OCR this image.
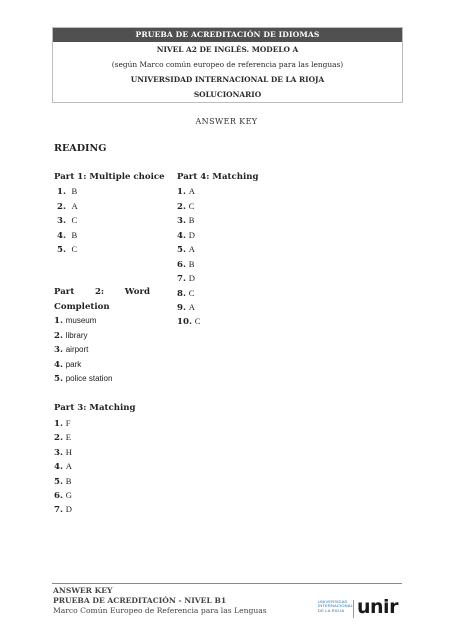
PRUEBA DE ACREDITACIÓN DE IDIOMAS
NIVEL A2 DE INGLÉS. MODELO A
(según Marco común europeo de referencia para las lenguas)
UNIVERSIDAD INTERNACIONAL DE LA RIOJA
SOLUCIONARIO
ANSWER KEY
READING
Part 1: Multiple choice
1. B
2. A
3. C
4. B
5. C
Part 2: Word
Completion
1. museum
2. library
3. airport
4. park
5. police station
Part 3: Matching
1. F
2. E
3. H
4. A
5. B
6. G
7. D
Part 4: Matching
1. A
2. C
3. B
4. D
5. A
6. B
7. D
8. C
9. A
10. C
ANSWER KEY
PRUEBA DE ACREDITACIÓN - NIVEL B1
Marco Común Europeo de Referencia para las Lenguas
UNIVERSIDAD INTERNACIONAL DE LA RIOJA unir
